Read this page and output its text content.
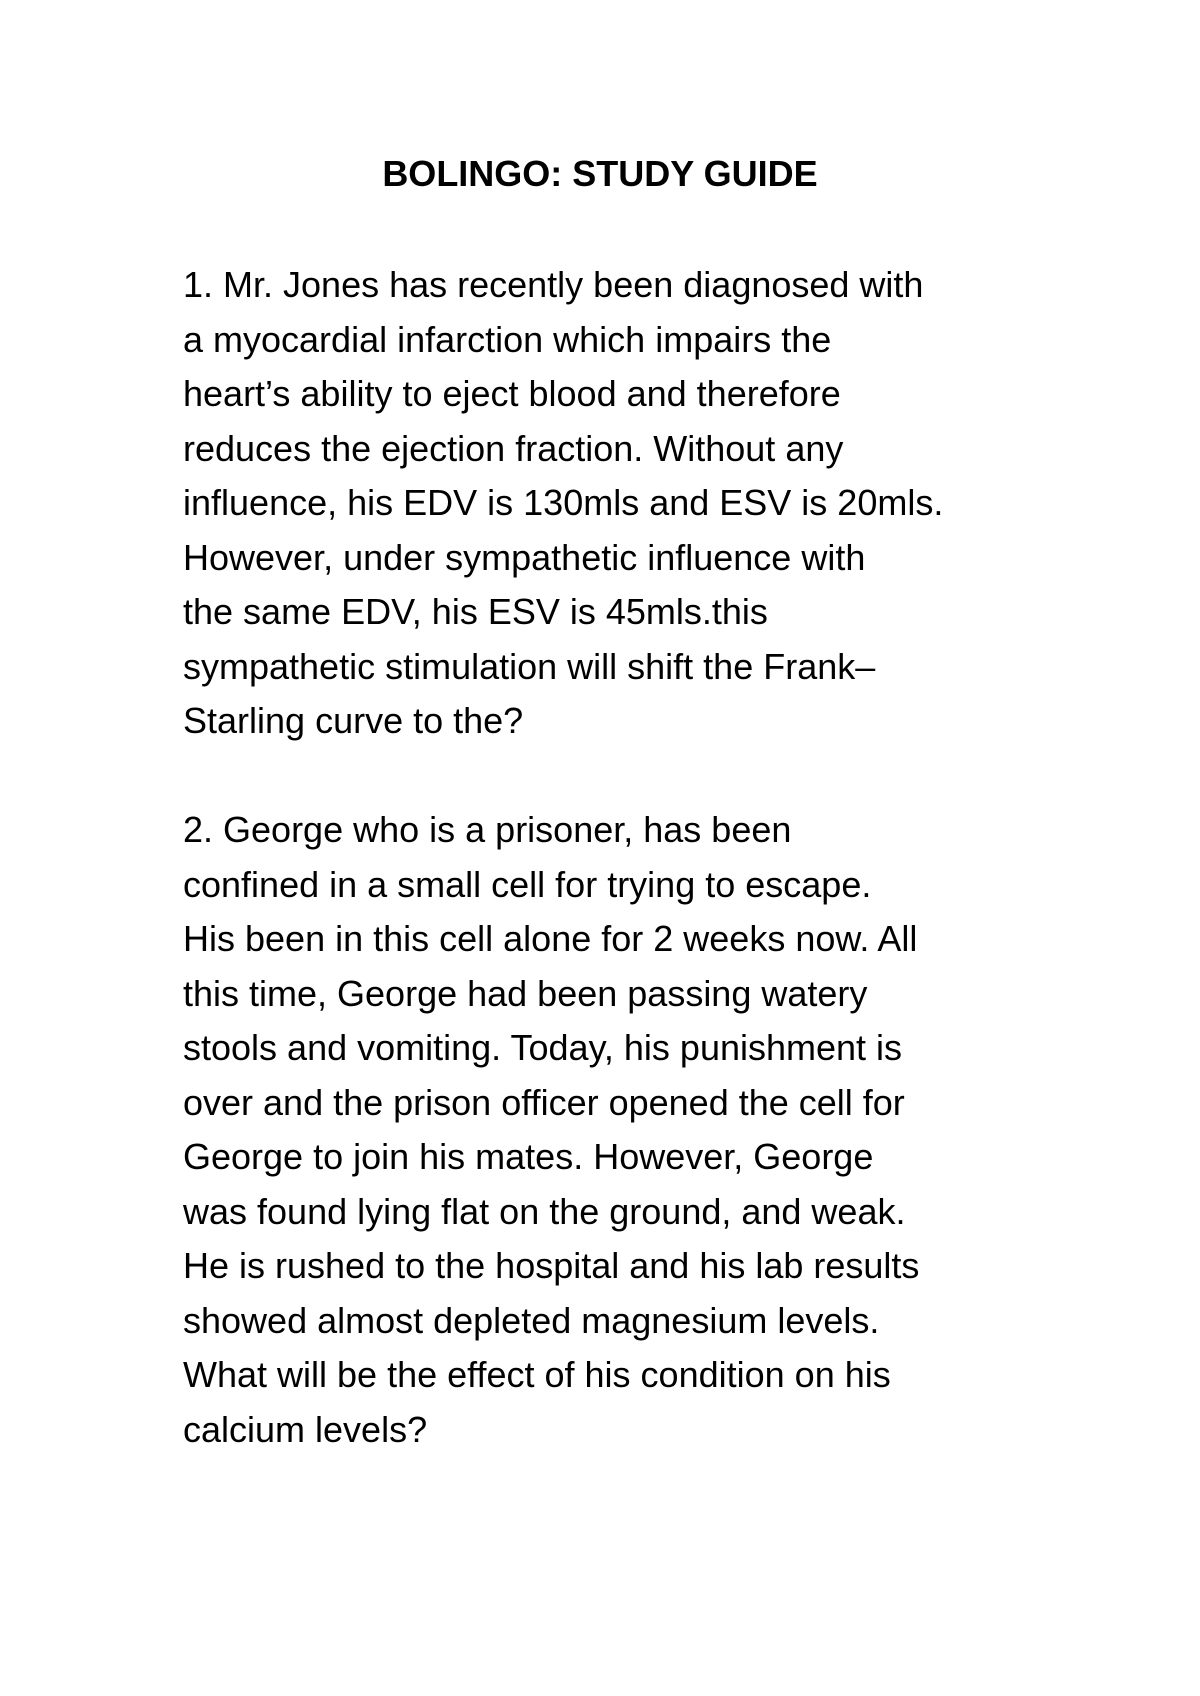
BOLINGO: STUDY GUIDE

1. Mr. Jones has recently been diagnosed with
a myocardial infarction which impairs the
heart’s ability to eject blood and therefore
reduces the ejection fraction. Without any
influence, his EDV is 130mls and ESV is 20mls.
However, under sympathetic influence with
the same EDV, his ESV is 45mls.this
sympathetic stimulation will shift the Frank–
Starling curve to the?

2. George who is a prisoner, has been
confined in a small cell for trying to escape.
His been in this cell alone for 2 weeks now. All
this time, George had been passing watery
stools and vomiting. Today, his punishment is
over and the prison officer opened the cell for
George to join his mates. However, George
was found lying flat on the ground, and weak.
He is rushed to the hospital and his lab results
showed almost depleted magnesium levels.
What will be the effect of his condition on his
calcium levels?
